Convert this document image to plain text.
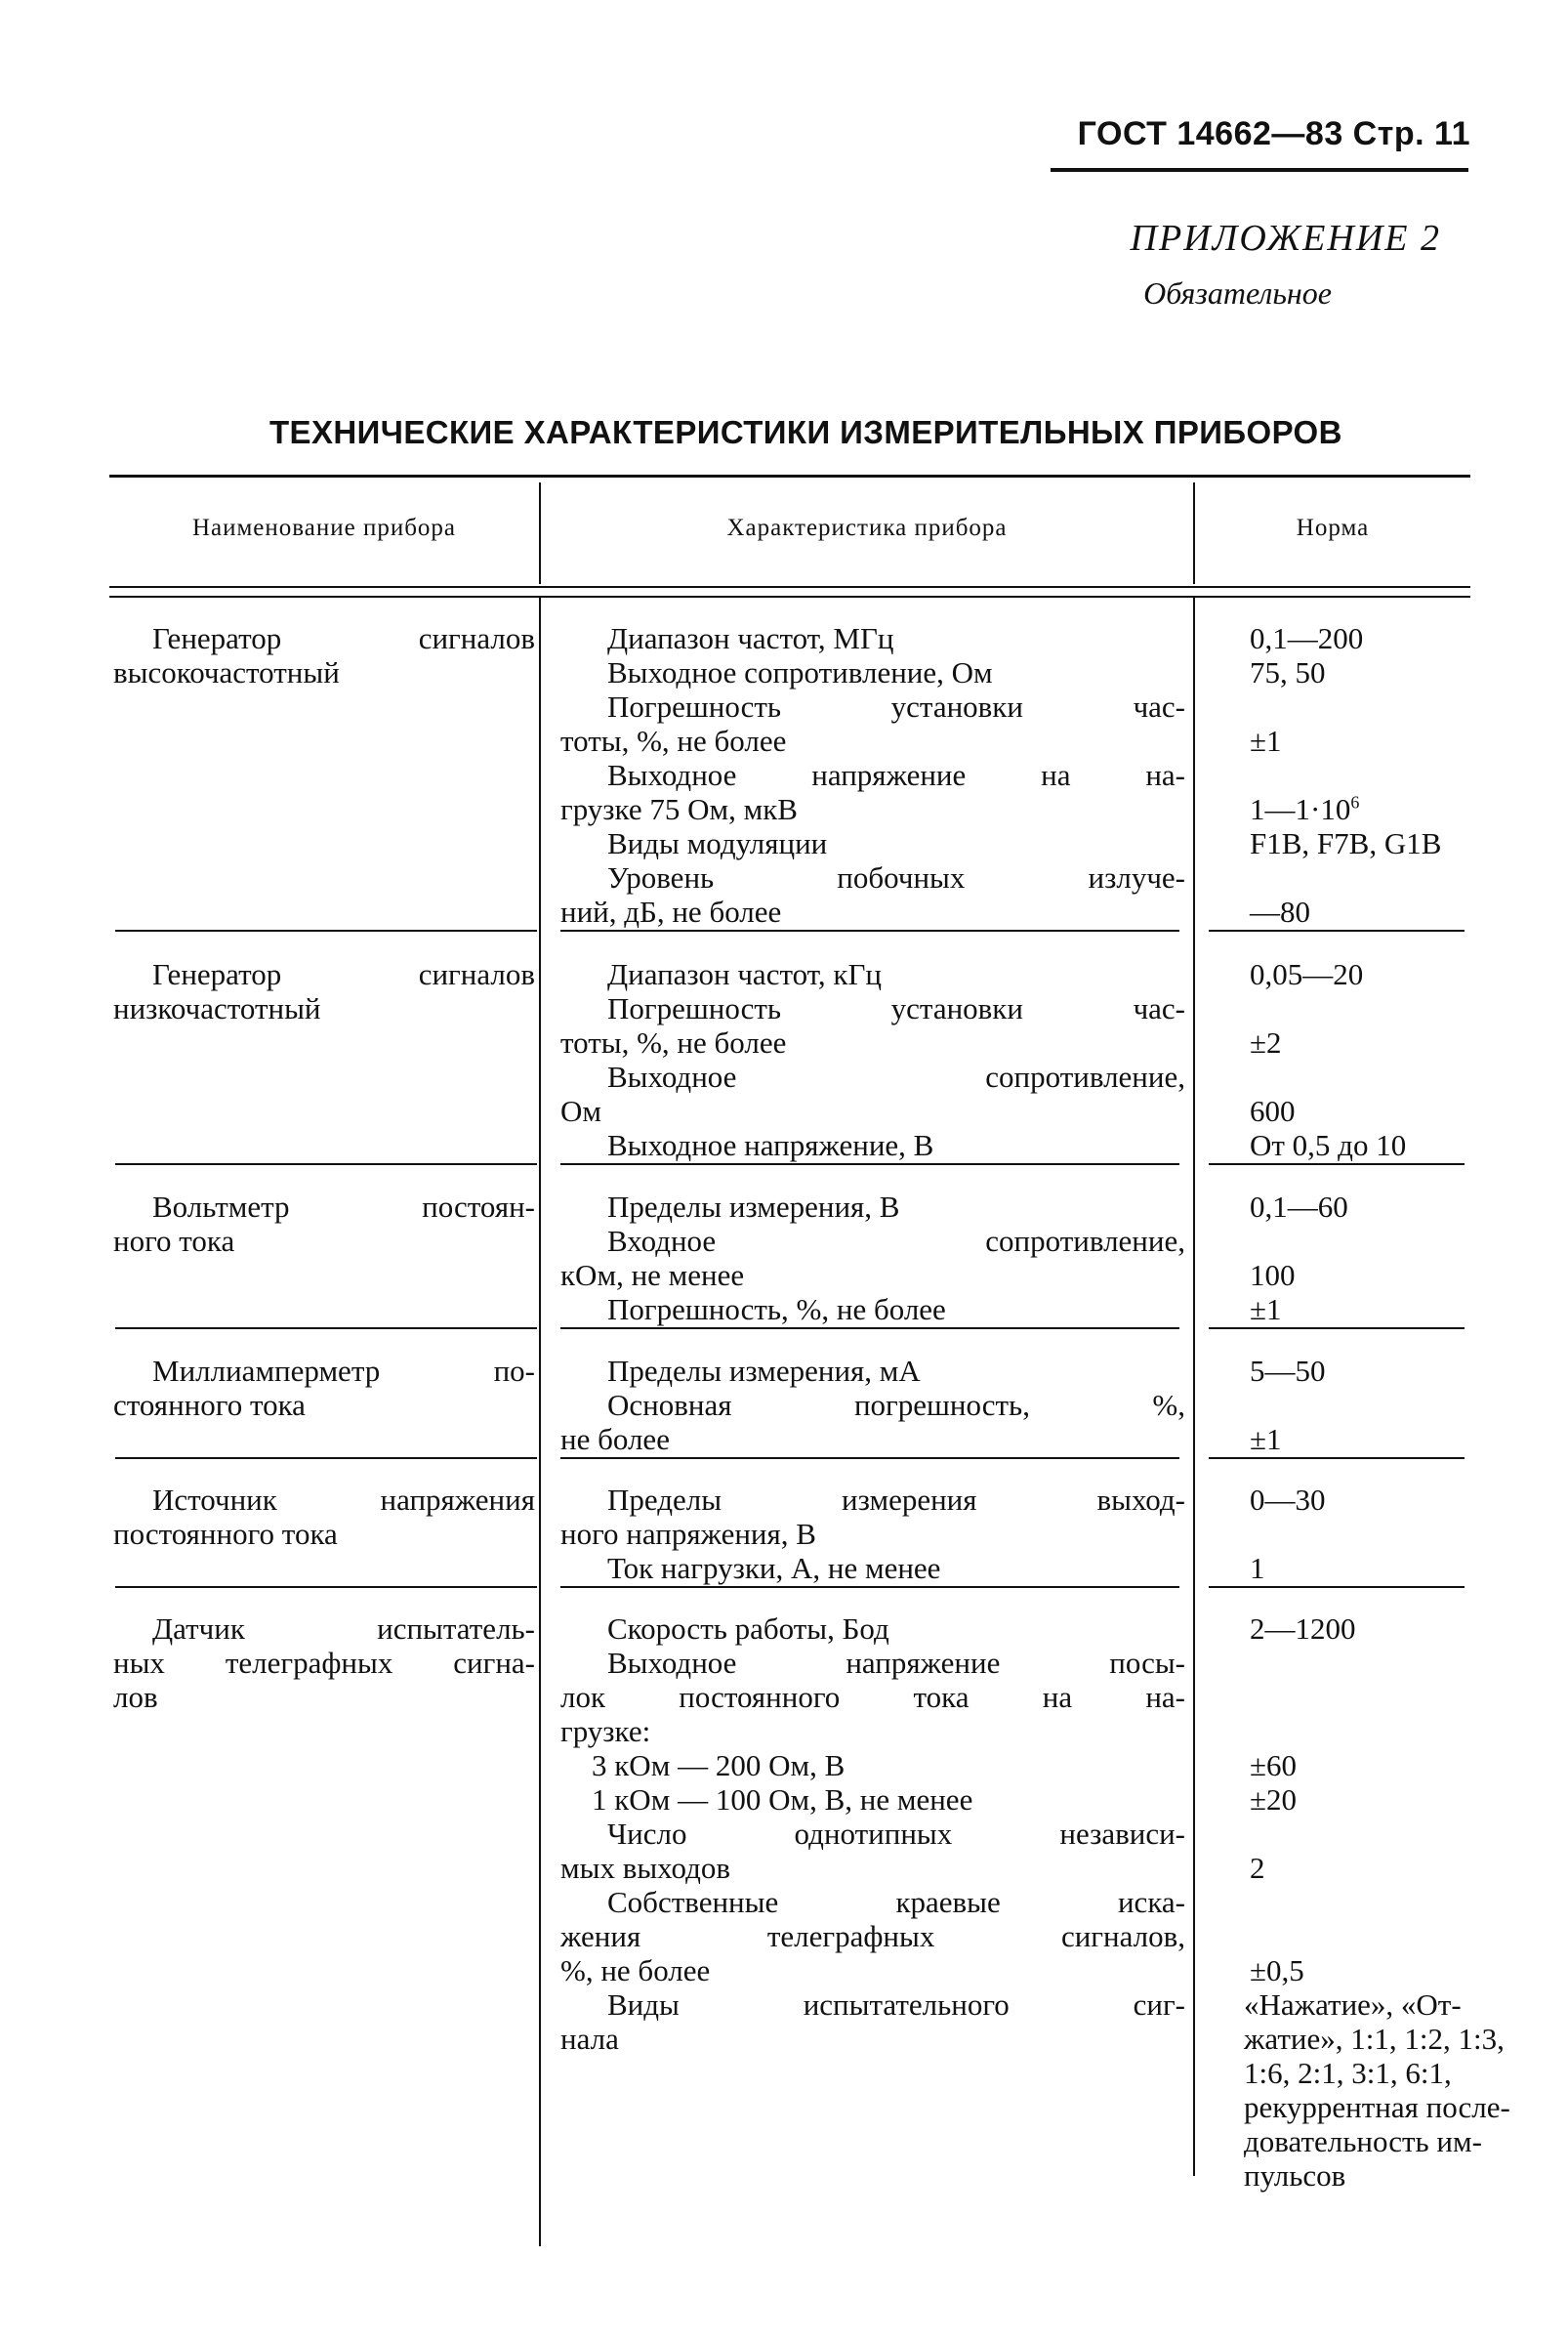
ГОСТ 14662—83 Стр. 11
ПРИЛОЖЕНИЕ 2
Обязательное
ТЕХНИЧЕСКИЕ ХАРАКТЕРИСТИКИ ИЗМЕРИТЕЛЬНЫХ ПРИБОРОВ
Наименование прибора	Характеристика прибора	Норма

Генератор сигналов

высокочастотный

Диапазон частот, МГц
Выходное сопротивление, Ом
Погрешность установки час-
тоты, %, не более
Выходное напряжение на на-
грузке 75 Ом, мкВ
Виды модуляции
Уровень побочных излуче-
ний, дБ, не более
0,1—200
75, 50
±1
$1—1\cdot 10^6$
F1B, F7B, G1B
—80

Генератор сигналов

низкочастотный

Диапазон частот, кГц
Погрешность установки час-
тоты, %, не более
Выходное сопротивление,
Ом
Выходное напряжение, В
0,05—20
±2
600
От 0,5 до 10

Вольтметр постоян-

ного тока

Пределы измерения, В
Входное сопротивление,
кОм, не менее
Погрешность, %, не более
0,1—60
100
±1

Миллиамперметр по-

стоянного тока

Пределы измерения, мА
Основная погрешность, %,
не более
5—50
±1

Источник напряжения

постоянного тока

Пределы измерения выход-
ного напряжения, В
Ток нагрузки, А, не менее
0—30
1

Датчик испытатель-

ных телеграфных сигна-

лов

Скорость работы, Бод
Выходное напряжение посы-
лок постоянного тока на на-
грузке:
3 кОм — 200 Ом, В
1 кОм — 100 Ом, В, не менее
Число однотипных независи-
мых выходов
Собственные краевые иска-
жения телеграфных сигналов,
%, не более
Виды испытательного сиг-
нала
2—1200
±60
±20
2
±0,5
«Нажатие», «От-
жатие», 1:1, 1:2, 1:3,
1:6, 2:1, 3:1, 6:1,
рекуррентная после-
довательность им-
пульсов
